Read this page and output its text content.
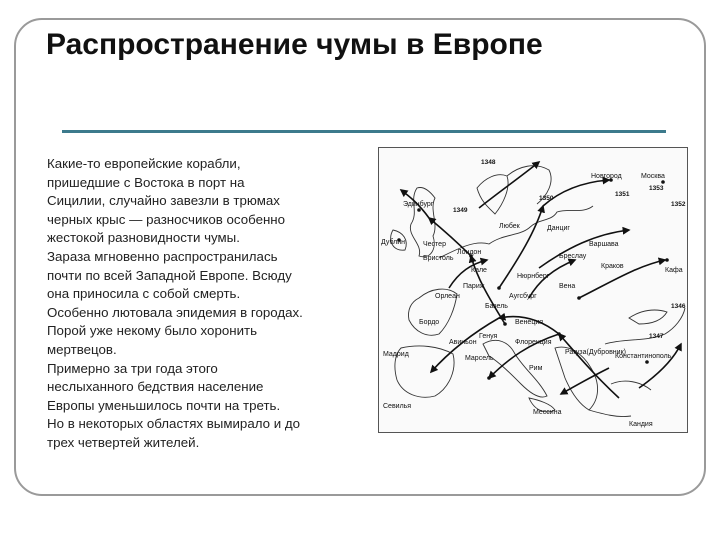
Распространение чумы в Европе
Какие-то европейские корабли,
пришедшие с Востока в порт на
Сицилии, случайно завезли в трюмах
черных крыс — разносчиков особенно
жестокой разновидности чумы.
Зараза мгновенно распространилась
почти по всей Западной Европе. Всюду
она приносила с собой смерть.
Особенно лютовала эпидемия в городах.
Порой уже некому было хоронить
мертвецов.
Примерно за три года этого
неслыханного бедствия население
Европы уменьшилось почти на треть.
Но в некоторых областях вымирало и до
трех четвертей жителей.
Новгород	Москва
Эдинбург
Дублин	Честер
Лондон
Бристоль
Кале
Любек	Данциг
Краков
Бреслау
Варшава
Париж
Орлеан
Бордо
Нюрнберг
Вена
Аугсбург
Базель
Авиньон
Генуя
Марсель
Венеция
Флоренция
Рим
Рагуза(Дубровник)
Константинополь
Кафа
Мадрид
Севилья
Кандия
Мессина
1348
1349
1350
1351
1352
1347
1346
1353
